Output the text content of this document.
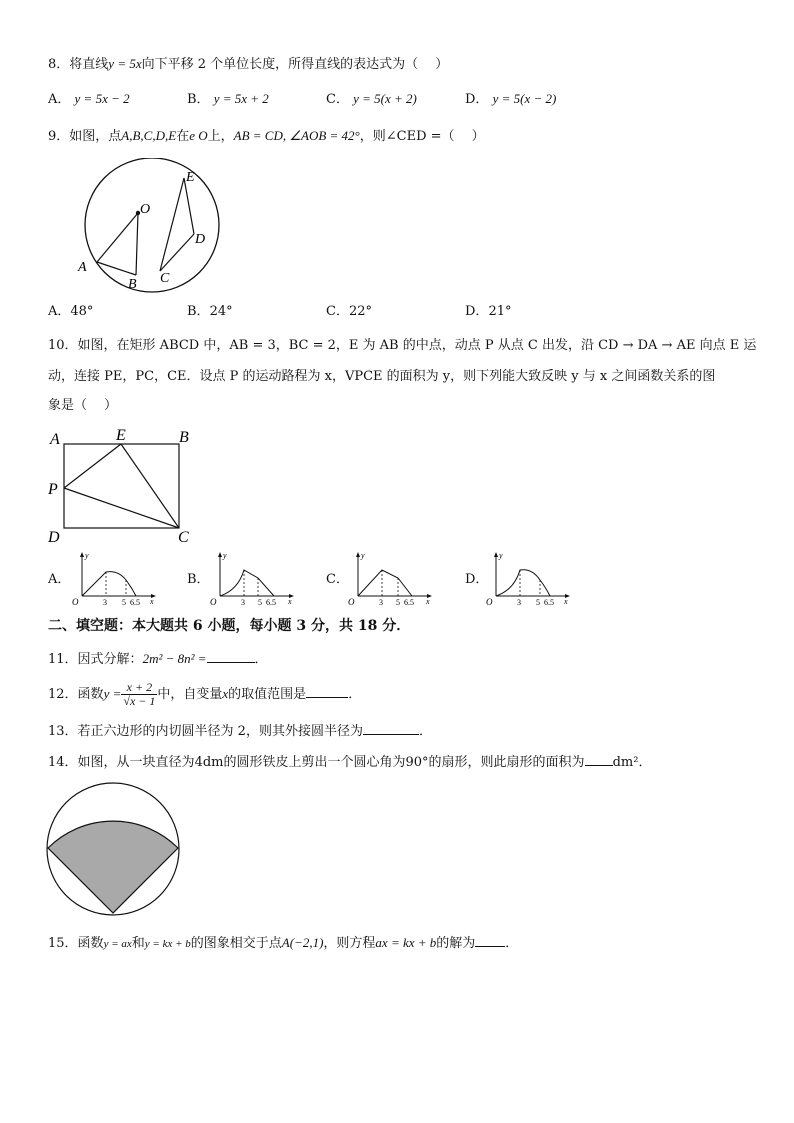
8．将直线y = 5x向下平移 2 个单位长度，所得直线的表达式为（　 ）
A． y = 5x − 2	B． y = 5x + 2	C． y = 5(x + 2)	D． y = 5(x − 2)
9．如图，点A,B,C,D,E在e O上，AB = CD, ∠AOB = 42°，则∠CED =（　 ）
O
A
B C
D
E
A．48°	B．24°	C．22°	D．21°
10．如图，在矩形 ABCD 中，AB = 3，BC = 2，E 为 AB 的中点，动点 P 从点 C 出发，沿 CD → DA → AE 向点 E 运
动，连接 PE，PC，CE．设点 P 的运动路程为 x，VPCE 的面积为 y，则下列能大致反映 y 与 x 之间函数关系的图
象是（　 ）
A	E	B
P
D	C
A．	B．	C．	D．
y
x
O	3 5 6.5
y
x
O	3 5 6.5
y
x
O	3 5 6.5
y
x
O	3 5 6.5
二、填空题：本大题共 6 小题，每小题 3 分，共 18 分．
11．因式分解：2m² − 8n² =	．
12．函数$y = \frac{x + 2}{√x - 1}$ 中，自变量x的取值范围是	．
13．若正六边形的内切圆半径为 2，则其外接圆半径为	．
14．如图，从一块直径为4dm的圆形铁皮上剪出一个圆心角为90°的扇形，则此扇形的面积为 dm²．
15．函数y = ax和y = kx + b的图象相交于点A(−2,1)，则方程ax = kx + b的解为 ．
